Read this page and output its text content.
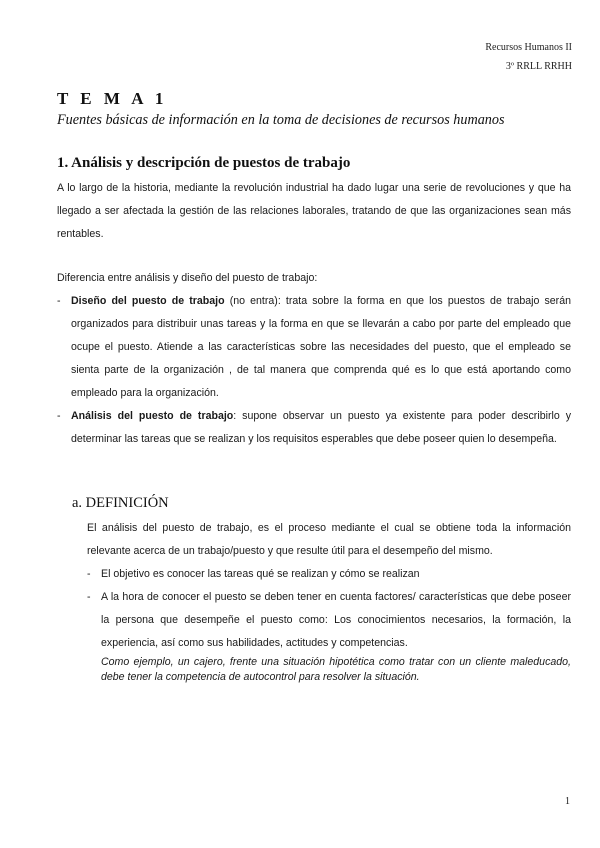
Recursos Humanos II
3º RRLL RRHH
T E M A 1
Fuentes básicas de información en la toma de decisiones de recursos humanos
1. Análisis y descripción de puestos de trabajo
A lo largo de la historia, mediante la revolución industrial ha dado lugar una serie de revoluciones y que ha llegado a ser afectada la gestión de las relaciones laborales, tratando de que las organizaciones sean más rentables.
Diferencia entre análisis y diseño del puesto de trabajo:
- Diseño del puesto de trabajo (no entra): trata sobre la forma en que los puestos de trabajo serán organizados para distribuir unas tareas y la forma en que se llevarán a cabo por parte del empleado que ocupe el puesto. Atiende a las características sobre las necesidades del puesto, que el empleado se sienta parte de la organización , de tal manera que comprenda qué es lo que está aportando como empleado para la organización.
- Análisis del puesto de trabajo: supone observar un puesto ya existente para poder describirlo y determinar las tareas que se realizan y los requisitos esperables que debe poseer quien lo desempeña.
a. DEFINICIÓN
El análisis del puesto de trabajo, es el proceso mediante el cual se obtiene toda la información relevante acerca de un trabajo/puesto y que resulte útil para el desempeño del mismo.
- El objetivo es conocer las tareas qué se realizan y cómo se realizan
- A la hora de conocer el puesto se deben tener en cuenta factores/ características que debe poseer la persona que desempeñe el puesto como: Los conocimientos necesarios, la formación, la experiencia, así como sus habilidades, actitudes y competencias.
Como ejemplo, un cajero, frente una situación hipotética como tratar con un cliente maleducado, debe tener la competencia de autocontrol para resolver la situación.
1
